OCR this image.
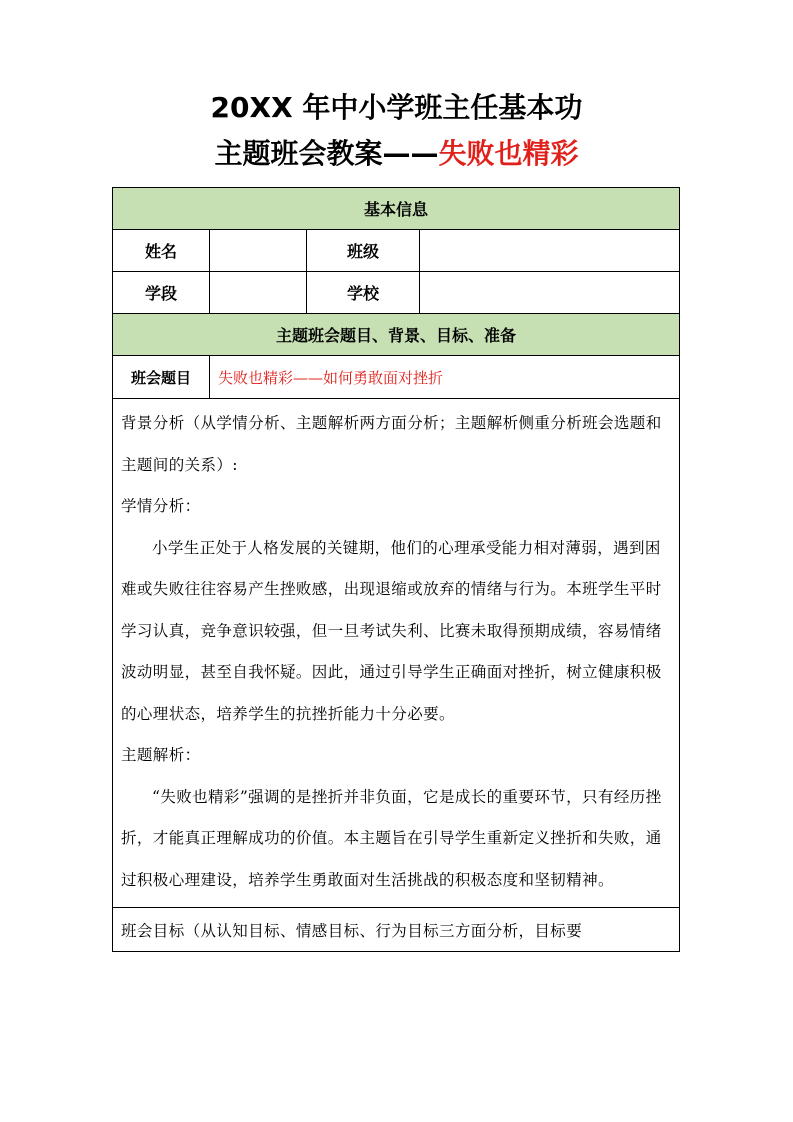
20XX 年中小学班主任基本功
主题班会教案——失败也精彩
基本信息			
姓名		班级	
学段		学校	
主题班会题目、背景、目标、准备			
班会题目	失败也精彩——如何勇敢面对挫折		

背景分析（从学情分析、主题解析两方面分析；主题解析侧重分析班会选题和主题间的关系）:

学情分析：

小学生正处于人格发展的关键期，他们的心理承受能力相对薄弱，遇到困难或失败往往容易产生挫败感，出现退缩或放弃的情绪与行为。本班学生平时学习认真，竞争意识较强，但一旦考试失利、比赛未取得预期成绩，容易情绪波动明显，甚至自我怀疑。因此，通过引导学生正确面对挫折，树立健康积极的心理状态，培养学生的抗挫折能力十分必要。

主题解析：

“失败也精彩”强调的是挫折并非负面，它是成长的重要环节，只有经历挫折，才能真正理解成功的价值。本主题旨在引导学生重新定义挫折和失败，通过积极心理建设，培养学生勇敢面对生活挑战的积极态度和坚韧精神。			

班会目标（从认知目标、情感目标、行为目标三方面分析，目标要			
